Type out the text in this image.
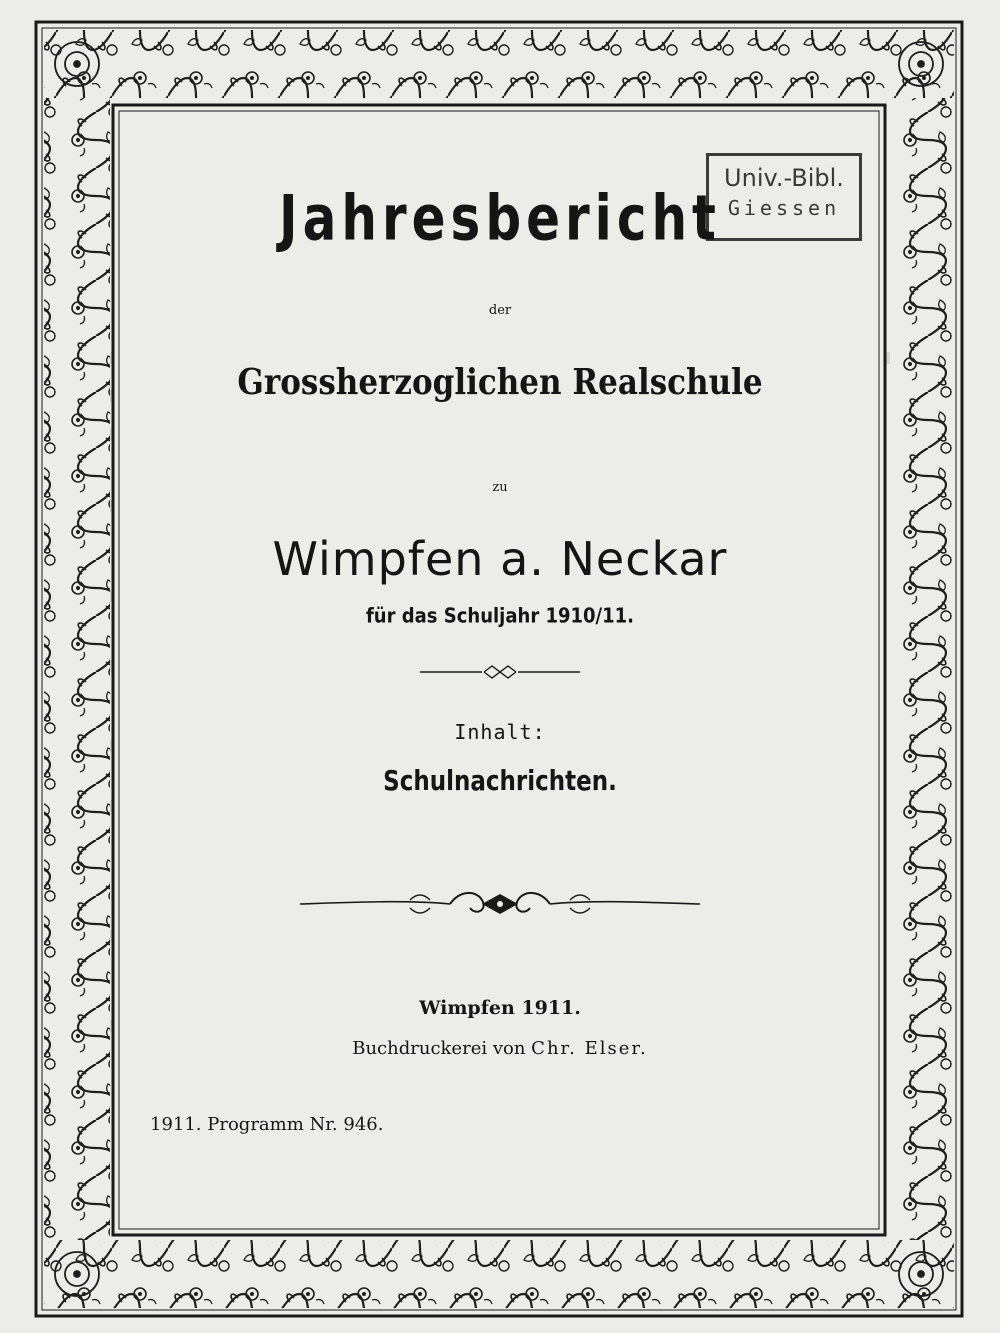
Univ.-Bibl.
Giessen
Jahresbericht
der
Grossherzoglichen Realschule
zu
Wimpfen a. Neckar
für das Schuljahr 1910/11.
Inhalt:
Schulnachrichten.
Wimpfen 1911.
Buchdruckerei von Chr. Elser.
1911. Programm Nr. 946.
